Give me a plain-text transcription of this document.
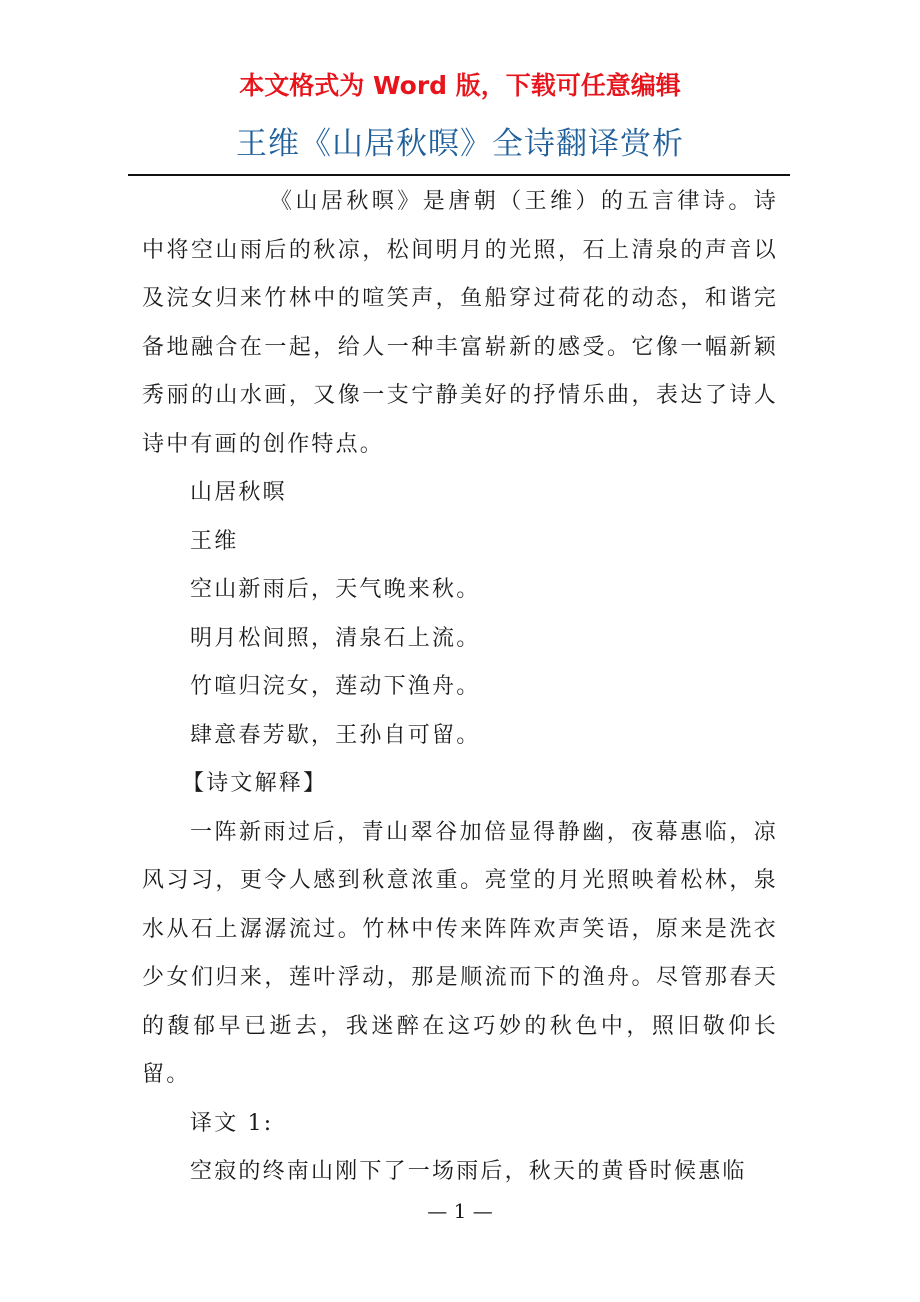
本文格式为 Word 版，下载可任意编辑
王维《山居秋暝》全诗翻译赏析

《山居秋暝》是唐朝（王维）的五言律诗。诗中将空山雨后的秋凉，松间明月的光照，石上清泉的声音以及浣女归来竹林中的喧笑声，鱼船穿过荷花的动态，和谐完备地融合在一起，给人一种丰富崭新的感受。它像一幅新颖秀丽的山水画，又像一支宁静美好的抒情乐曲，表达了诗人诗中有画的创作特点。

山居秋暝

王维

空山新雨后，天气晚来秋。

明月松间照，清泉石上流。

竹喧归浣女，莲动下渔舟。

肆意春芳歇，王孙自可留。

【诗文解释】

一阵新雨过后，青山翠谷加倍显得静幽，夜幕惠临，凉风习习，更令人感到秋意浓重。亮堂的月光照映着松林，泉水从石上潺潺流过。竹林中传来阵阵欢声笑语，原来是洗衣少女们归来，莲叶浮动，那是顺流而下的渔舟。尽管那春天的馥郁早已逝去，我迷醉在这巧妙的秋色中，照旧敬仰长留。

译文 1:

空寂的终南山刚下了一场雨后，秋天的黄昏时候惠临

— 1 —
